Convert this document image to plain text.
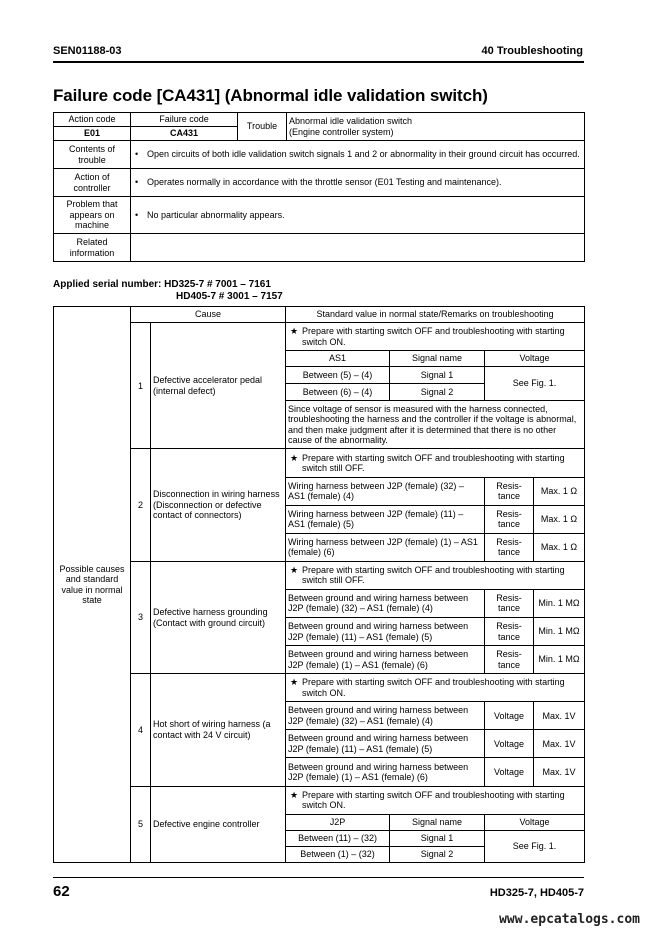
SEN01188-03	40 Troubleshooting
Failure code [CA431] (Abnormal idle validation switch)
Action code	Failure code	Trouble	Abnormal idle validation switch
(Engine controller system)

E01	CA431		
Contents of trouble	• Open circuits of both idle validation switch signals 1 and 2 or abnormality in their ground circuit has occurred.		

Action of controller	• Operates normally in accordance with the throttle sensor (E01 Testing and maintenance).		

Problem that appears on machine	• No particular abnormality appears.		

Related information			
Applied serial number: HD325-7 # 7001 – 7161
HD405-7 # 3001 – 7157
Possible causes and standard value in normal state	Cause		Standard value in normal state/Remarks on troubleshooting			
	1	Defective accelerator pedal (internal defect)	★ Prepare with starting switch OFF and troubleshooting with starting switch ON.			

			AS1	Signal name	Voltage	
			Between (5) – (4)	Signal 1	See Fig. 1.	
			Between (6) – (4)	Signal 2		
			Since voltage of sensor is measured with the harness connected, troubleshooting the harness and the controller if the voltage is abnormal, and then make judgment after it is determined that there is no other cause of the abnormality.			
	2	Disconnection in wiring harness (Disconnection or defective contact of connectors)	★ Prepare with starting switch OFF and troubleshooting with starting switch still OFF.			

			Wiring harness between J2P (female) (32) – AS1 (female) (4)		Resis-tance	Max. 1 Ω
			Wiring harness between J2P (female) (11) – AS1 (female) (5)		Resis-tance	Max. 1 Ω
			Wiring harness between J2P (female) (1) – AS1 (female) (6)		Resis-tance	Max. 1 Ω
	3	Defective harness grounding (Contact with ground circuit)	★ Prepare with starting switch OFF and troubleshooting with starting switch still OFF.			

			Between ground and wiring harness between J2P (female) (32) – AS1 (female) (4)		Resis-tance	Min. 1 MΩ
			Between ground and wiring harness between J2P (female) (11) – AS1 (female) (5)		Resis-tance	Min. 1 MΩ
			Between ground and wiring harness between J2P (female) (1) – AS1 (female) (6)		Resis-tance	Min. 1 MΩ
	4	Hot short of wiring harness (a contact with 24 V circuit)	★ Prepare with starting switch OFF and troubleshooting with starting switch ON.			

			Between ground and wiring harness between J2P (female) (32) – AS1 (female) (4)		Voltage	Max. 1V
			Between ground and wiring harness between J2P (female) (11) – AS1 (female) (5)		Voltage	Max. 1V
			Between ground and wiring harness between J2P (female) (1) – AS1 (female) (6)		Voltage	Max. 1V
	5	Defective engine controller	★ Prepare with starting switch OFF and troubleshooting with starting switch ON.			

			J2P	Signal name	Voltage	
			Between (11) – (32)	Signal 1	See Fig. 1.	
			Between (1) – (32)	Signal 2		
62	HD325-7, HD405-7
www.epcatalogs.com
